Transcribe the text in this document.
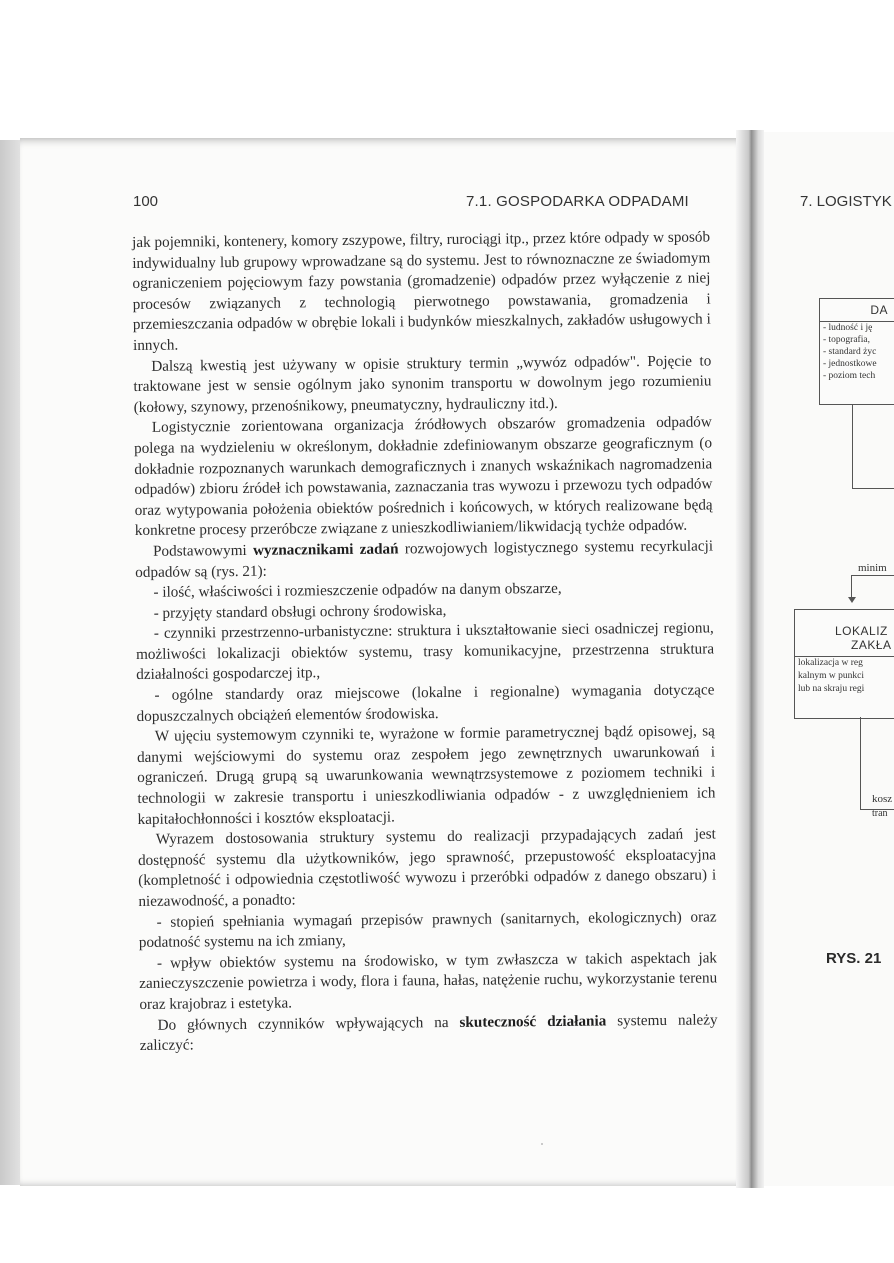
100	7.1. GOSPODARKA ODPADAMI	7. LOGISTYK

jak pojemniki, kontenery, komory zszypowe, filtry, rurociągi itp., przez które odpady w sposób indywidualny lub grupowy wprowadzane są do systemu. Jest to równoznaczne ze świadomym ograniczeniem pojęciowym fazy powstania (gromadzenie) odpadów przez wyłączenie z niej procesów związanych z technologią pierwotnego powstawania, gromadzenia i przemieszczania odpadów w obrębie lokali i budynków mieszkalnych, zakładów usługowych i innych.

Dalszą kwestią jest używany w opisie struktury termin „wywóz odpadów". Pojęcie to traktowane jest w sensie ogólnym jako synonim transportu w dowolnym jego rozumieniu (kołowy, szynowy, przenośnikowy, pneumatyczny, hydrauliczny itd.).

Logistycznie zorientowana organizacja źródłowych obszarów gromadzenia odpadów polega na wydzieleniu w określonym, dokładnie zdefiniowanym obszarze geograficznym (o dokładnie rozpoznanych warunkach demograficznych i znanych wskaźnikach nagromadzenia odpadów) zbioru źródeł ich powstawania, zaznaczania tras wywozu i przewozu tych odpadów oraz wytypowania położenia obiektów pośrednich i końcowych, w których realizowane będą konkretne procesy przeróbcze związane z unieszkodliwianiem/likwidacją tychże odpadów.

Podstawowymi wyznacznikami zadań rozwojowych logistycznego systemu recyrkulacji odpadów są (rys. 21):

- ilość, właściwości i rozmieszczenie odpadów na danym obszarze,

- przyjęty standard obsługi ochrony środowiska,

- czynniki przestrzenno-urbanistyczne: struktura i ukształtowanie sieci osadniczej regionu, możliwości lokalizacji obiektów systemu, trasy komunikacyjne, przestrzenna struktura działalności gospodarczej itp.,

- ogólne standardy oraz miejscowe (lokalne i regionalne) wymagania dotyczące dopuszczalnych obciążeń elementów środowiska.

W ujęciu systemowym czynniki te, wyrażone w formie parametrycznej bądź opisowej, są danymi wejściowymi do systemu oraz zespołem jego zewnętrznych uwarunkowań i ograniczeń. Drugą grupą są uwarunkowania wewnątrzsystemowe z poziomem techniki i technologii w zakresie transportu i unieszkodliwiania odpadów - z uwzględnieniem ich kapitałochłonności i kosztów eksploatacji.

Wyrazem dostosowania struktury systemu do realizacji przypadających zadań jest dostępność systemu dla użytkowników, jego sprawność, przepustowość eksploatacyjna (kompletność i odpowiednia częstotliwość wywozu i przeróbki odpadów z danego obszaru) i niezawodność, a ponadto:

- stopień spełniania wymagań przepisów prawnych (sanitarnych, ekologicznych) oraz podatność systemu na ich zmiany,

- wpływ obiektów systemu na środowisko, w tym zwłaszcza w takich aspektach jak zanieczyszczenie powietrza i wody, flora i fauna, hałas, natężenie ruchu, wykorzystanie terenu oraz krajobraz i estetyka.

Do głównych czynników wpływających na skuteczność działania systemu należy zaliczyć:

DA
- ludność i ję
- topografia,
- standard życ
- jednostkowe
- poziom tech
minim
LOKALIZ
ZAKŁA
lokalizacja w reg
kalnym w punkci
lub na skraju regi
kosz
tran
RYS. 21
